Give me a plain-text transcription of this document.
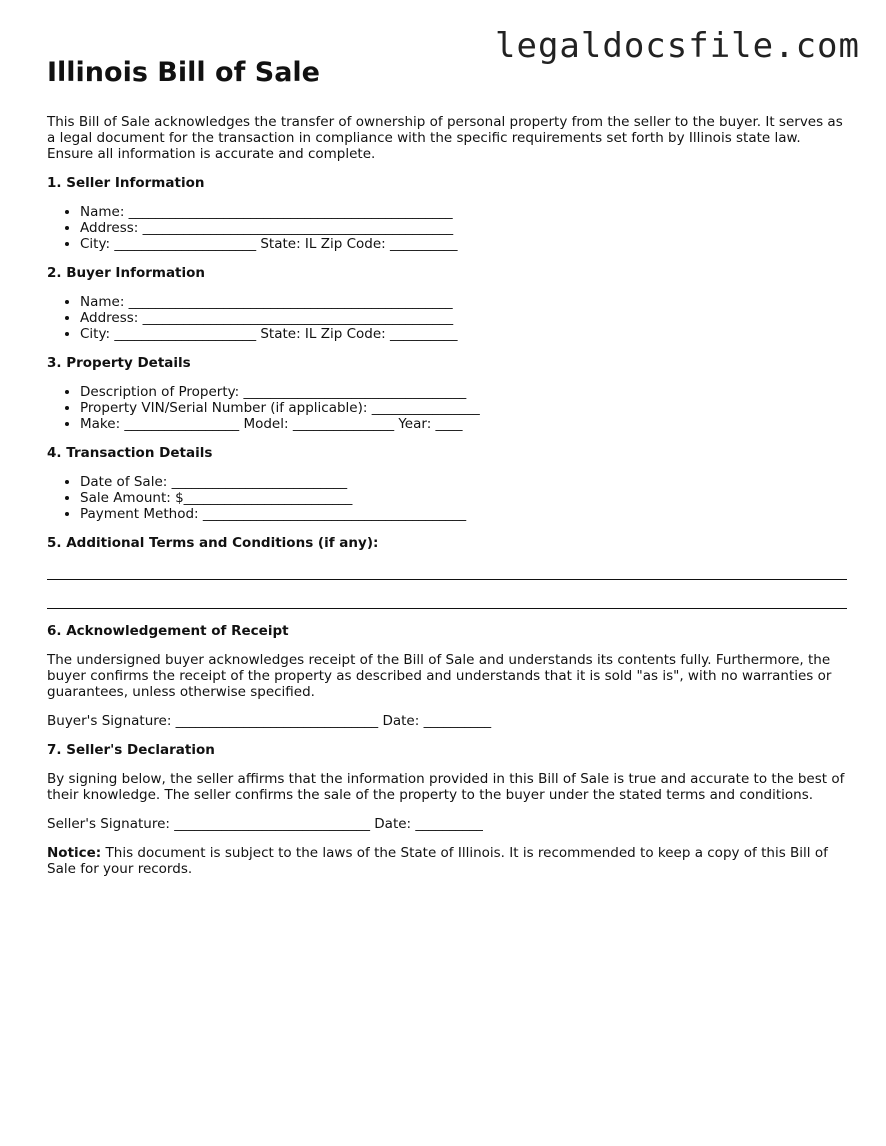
legaldocsfile.com
Illinois Bill of Sale

This Bill of Sale acknowledges the transfer of ownership of personal property from the seller to the buyer. It serves as a legal document for the transaction in compliance with the specific requirements set forth by Illinois state law. Ensure all information is accurate and complete.

1. Seller Information
• Name: ________________________________________________
• Address: ______________________________________________
• City: _____________________ State: IL Zip Code: __________
2. Buyer Information
• Name: ________________________________________________
• Address: ______________________________________________
• City: _____________________ State: IL Zip Code: __________
3. Property Details
• Description of Property: _________________________________
• Property VIN/Serial Number (if applicable): ________________
• Make: _________________ Model: _______________ Year: ____
4. Transaction Details
• Date of Sale: __________________________
• Sale Amount: $_________________________
• Payment Method: _______________________________________
5. Additional Terms and Conditions (if any):
6. Acknowledgement of Receipt

The undersigned buyer acknowledges receipt of the Bill of Sale and understands its contents fully. Furthermore, the buyer confirms the receipt of the property as described and understands that it is sold "as is", with no warranties or guarantees, unless otherwise specified.

Buyer's Signature: ______________________________ Date: __________

7. Seller's Declaration

By signing below, the seller affirms that the information provided in this Bill of Sale is true and accurate to the best of their knowledge. The seller confirms the sale of the property to the buyer under the stated terms and conditions.

Seller's Signature: _____________________________ Date: __________

Notice: This document is subject to the laws of the State of Illinois. It is recommended to keep a copy of this Bill of Sale for your records.
